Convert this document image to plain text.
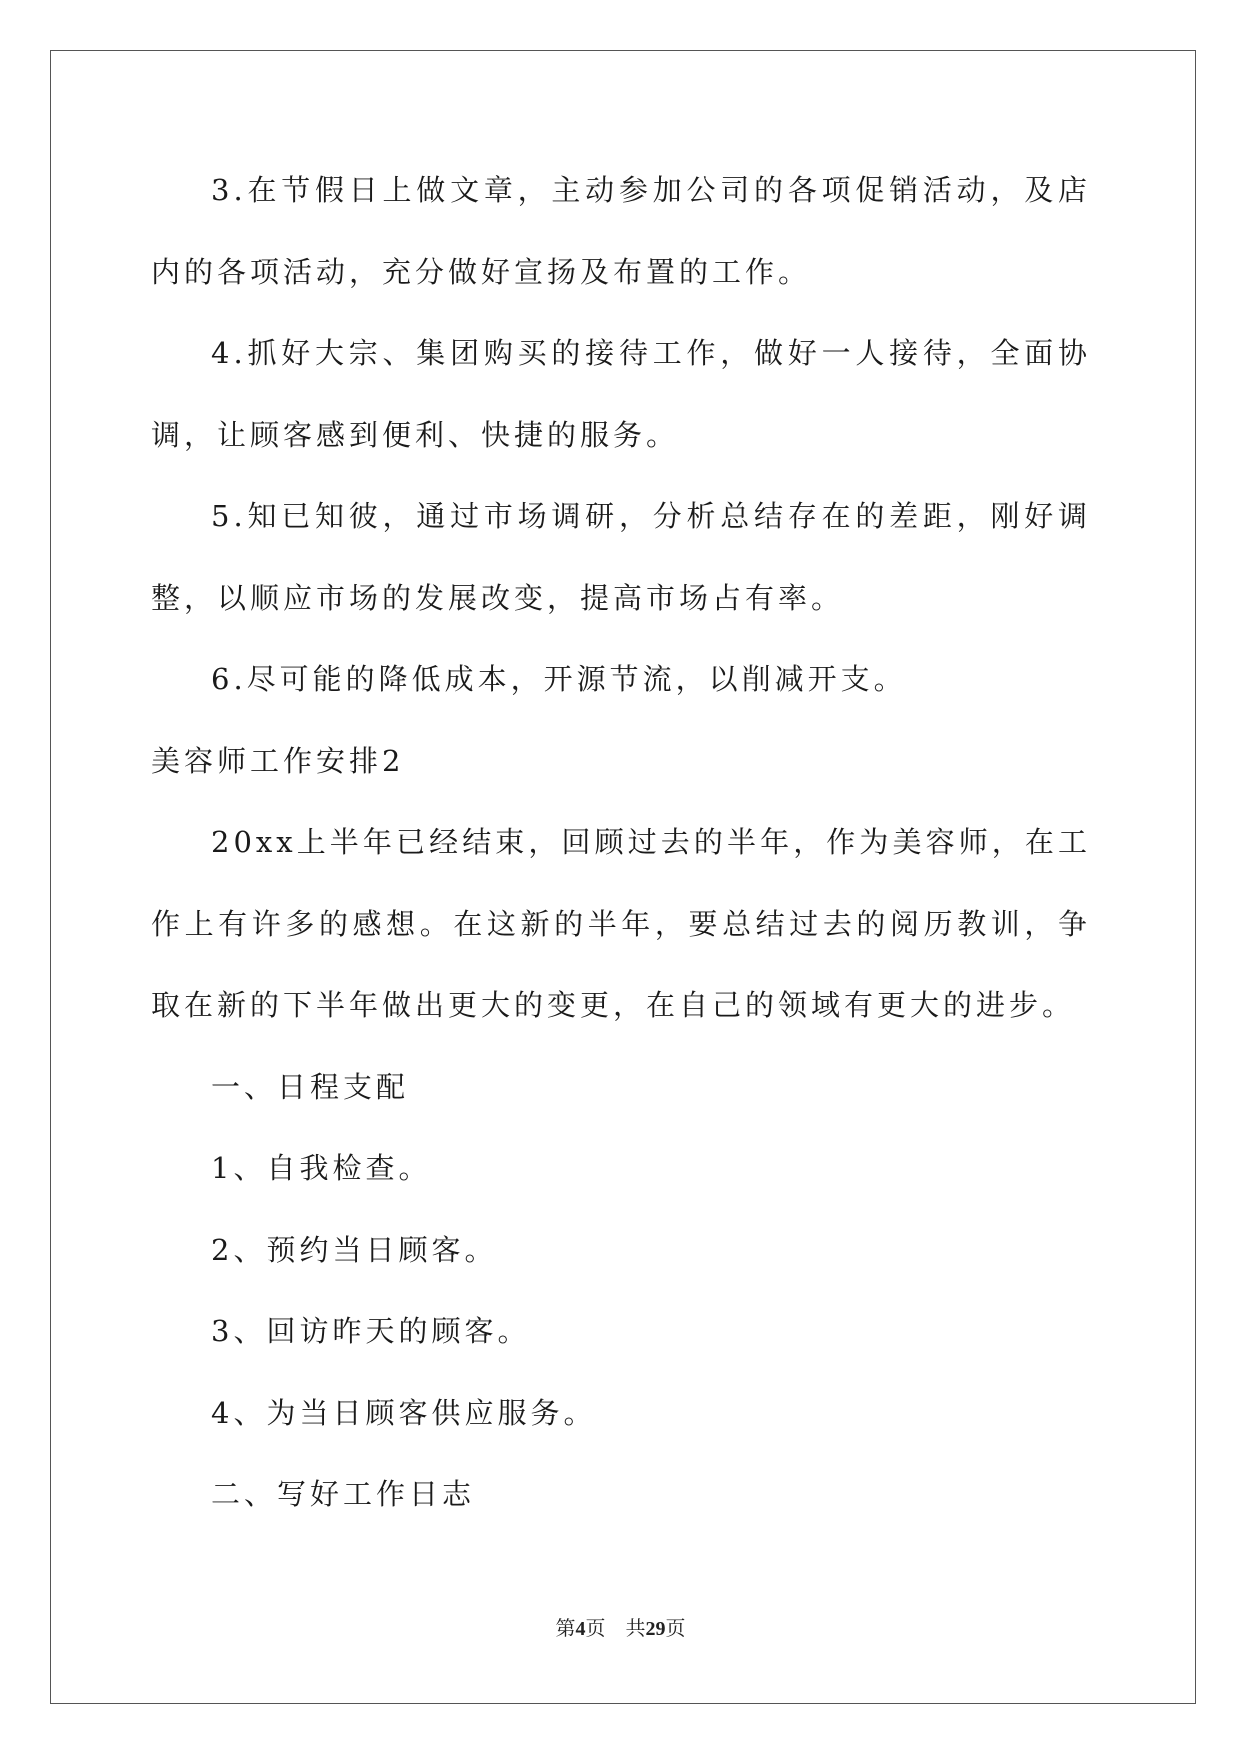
3.在节假日上做文章，主动参加公司的各项促销活动，及店内的各项活动，充分做好宣扬及布置的工作。

4.抓好大宗、集团购买的接待工作，做好一人接待，全面协调，让顾客感到便利、快捷的服务。

5.知已知彼，通过市场调研，分析总结存在的差距，刚好调整，以顺应市场的发展改变，提高市场占有率。

6.尽可能的降低成本，开源节流，以削减开支。

美容师工作安排2

20xx上半年已经结束，回顾过去的半年，作为美容师，在工作上有许多的感想。在这新的半年，要总结过去的阅历教训，争取在新的下半年做出更大的变更，在自己的领域有更大的进步。

一、日程支配

1、自我检查。

2、预约当日顾客。

3、回访昨天的顾客。

4、为当日顾客供应服务。

二、写好工作日志

第4页 共29页
